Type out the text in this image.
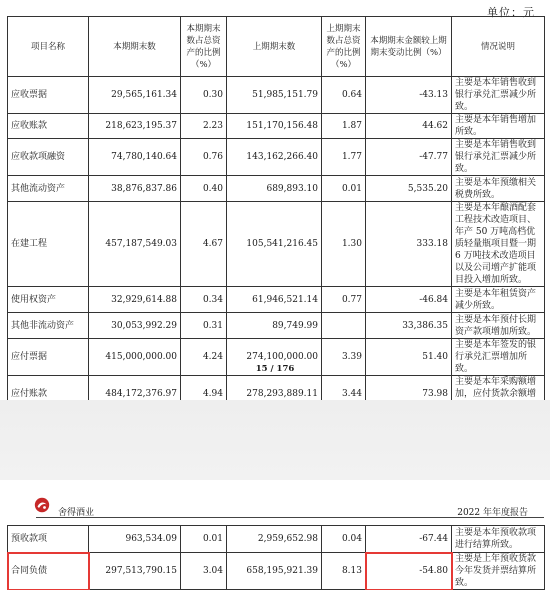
单位：元
项目名称	本期期末数	本期期末数占总资产的比例（%）	上期期末数	上期期末数占总资产的比例（%）	本期期末金额较上期期末变动比例（%）	情况说明
应收票据	29,565,161.34	0.30	51,985,151.79	0.64	-43.13	主要是本年销售收到银行承兑汇票减少所致。
应收账款	218,623,195.37	2.23	151,170,156.48	1.87	44.62	主要是本年销售增加所致。
应收款项融资	74,780,140.64	0.76	143,162,266.40	1.77	-47.77	主要是本年销售收到银行承兑汇票减少所致。
其他流动资产	38,876,837.86	0.40	689,893.10	0.01	5,535.20	主要是本年预缴相关税费所致。
在建工程	457,187,549.03	4.67	105,541,216.45	1.30	333.18	主要是本年酿酒配套工程技术改造项目、年产 50 万吨高档优质轻量瓶项目暨一期 6 万吨技术改造项目以及公司增产扩能项目投入增加所致。
使用权资产	32,929,614.88	0.34	61,946,521.14	0.77	-46.84	主要是本年租赁资产减少所致。
其他非流动资产	30,053,992.29	0.31	89,749.99		33,386.35	主要是本年预付长期资产款项增加所致。
应付票据	415,000,000.00	4.24	274,100,000.00	3.39	51.40	主要是本年签发的银行承兑汇票增加所致。
应付账款	484,172,376.97	4.94	278,293,889.11	3.44	73.98	主要是本年采购额增加，应付货款余额增
15 / 176
舍得酒业	2022 年年度报告
预收款项	963,534.09	0.01	2,959,652.98	0.04	-67.44	主要是本年预收款项进行结算所致。
合同负债	297,513,790.15	3.04	658,195,921.39	8.13	-54.80	主要是上年预收货款今年发货并票结算所致。
